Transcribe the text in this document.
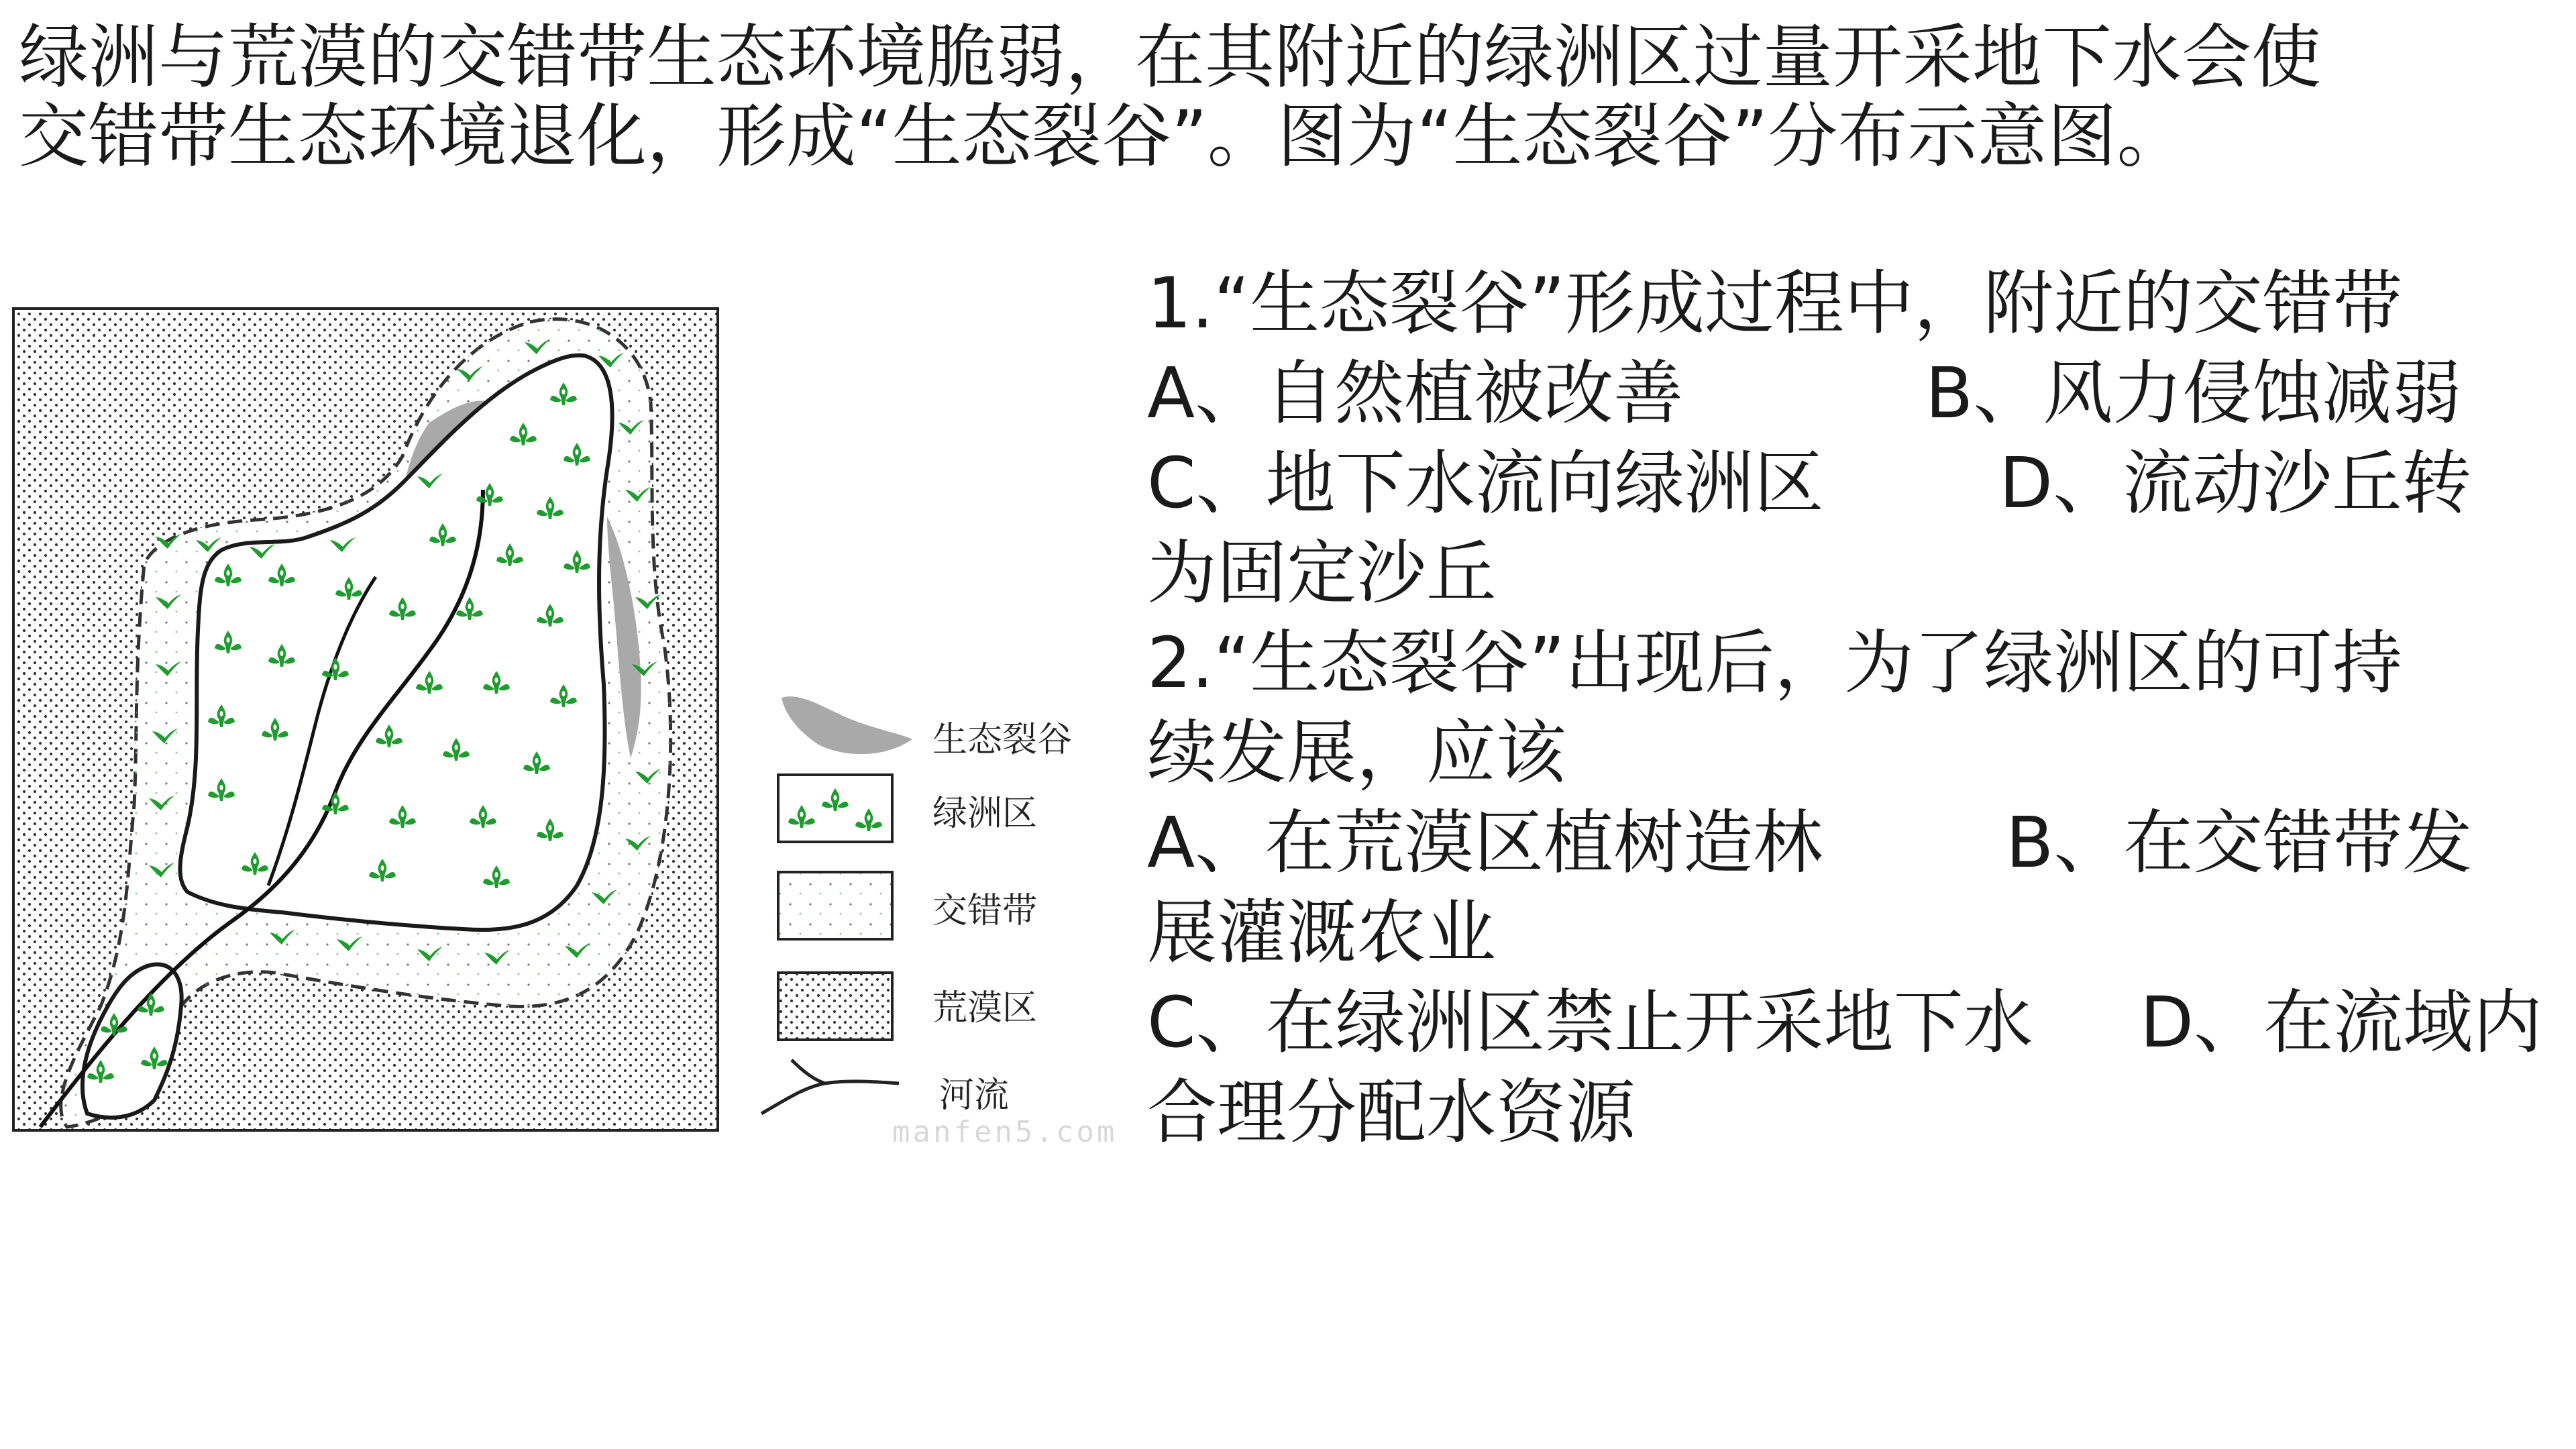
绿洲与荒漠的交错带生态环境脆弱，在其附近的绿洲区过量开采地下水会使

交错带生态环境退化，形成“生态裂谷”。图为“生态裂谷”分布示意图。

生态裂谷
绿洲区
交错带
荒漠区
河流
manfen5.com
1.“生态裂谷”形成过程中，附近的交错带
A、自然植被改善	B、风力侵蚀减弱
C、地下水流向绿洲区	D、流动沙丘转
为固定沙丘
2.“生态裂谷”出现后，为了绿洲区的可持
续发展，应该
A、在荒漠区植树造林	B、在交错带发
展灌溉农业
C、在绿洲区禁止开采地下水 D、在流域内
合理分配水资源
